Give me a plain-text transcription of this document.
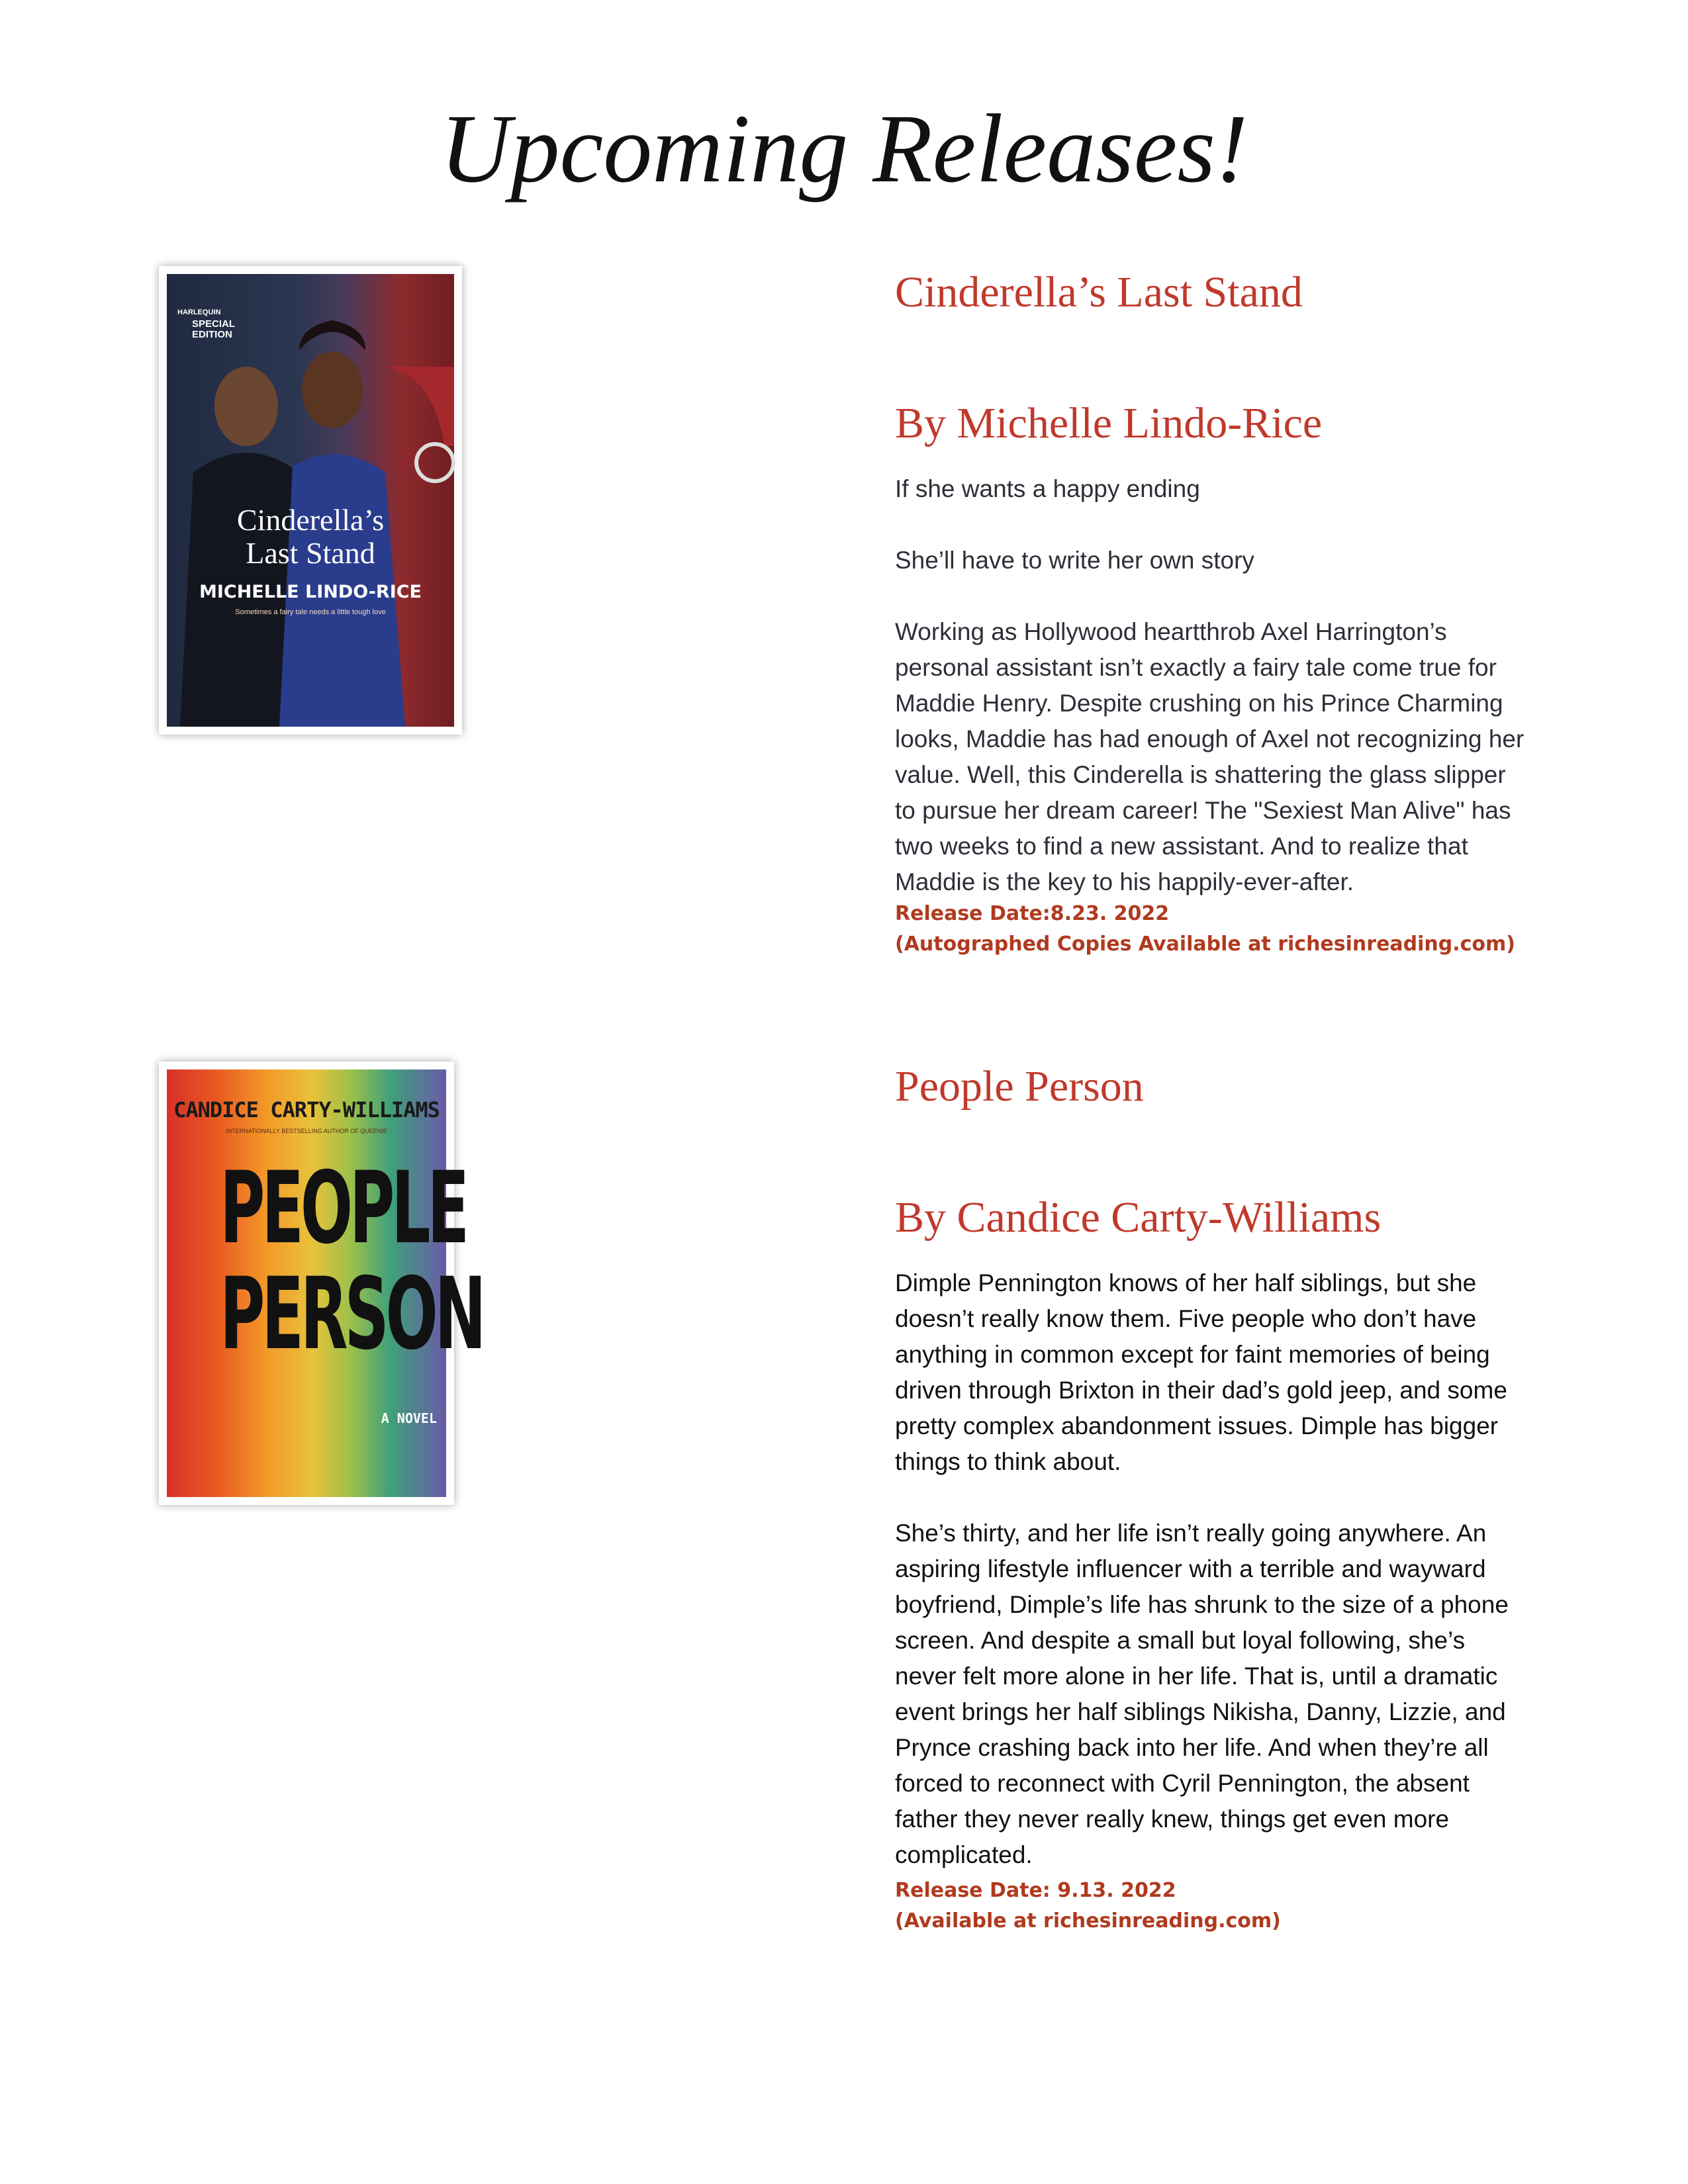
Upcoming Releases!
HARLEQUIN
SPECIAL EDITION
Cinderella’s
Last Stand
MICHELLE LINDO-RICE
Sometimes a fairy tale needs a little tough love
Cinderella’s Last Stand
By Michelle Lindo-Rice

If she wants a happy ending

She’ll have to write her own story

Working as Hollywood heartthrob Axel Harrington’s personal assistant isn’t exactly a fairy tale come true for Maddie Henry. Despite crushing on his Prince Charming looks, Maddie has had enough of Axel not recognizing her value. Well, this Cinderella is shattering the glass slipper to pursue her dream career! The "Sexiest Man Alive" has two weeks to find a new assistant. And to realize that Maddie is the key to his happily-ever-after.

Release Date:8.23. 2022
(Autographed Copies Available at richesinreading.com)
CANDICE CARTY-WILLIAMS
INTERNATIONALLY BESTSELLING AUTHOR OF QUEENIE
PEOPLE
PERSON
A NOVEL
People Person
By Candice Carty-Williams

Dimple Pennington knows of her half siblings, but she doesn’t really know them. Five people who don’t have anything in common except for faint memories of being driven through Brixton in their dad’s gold jeep, and some pretty complex abandonment issues. Dimple has bigger things to think about.

She’s thirty, and her life isn’t really going anywhere. An aspiring lifestyle influencer with a terrible and wayward boyfriend, Dimple’s life has shrunk to the size of a phone screen. And despite a small but loyal following, she’s never felt more alone in her life. That is, until a dramatic event brings her half siblings Nikisha, Danny, Lizzie, and Prynce crashing back into her life. And when they’re all forced to reconnect with Cyril Pennington, the absent father they never really knew, things get even more complicated.

Release Date: 9.13. 2022
(Available at richesinreading.com)
